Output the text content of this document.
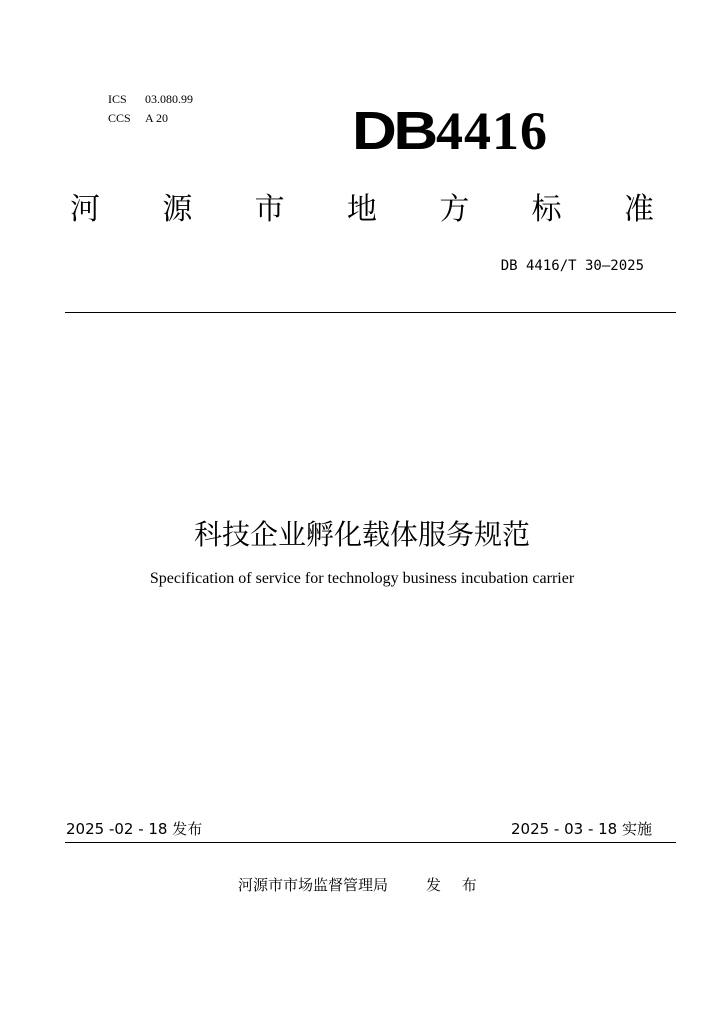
ICS 03.080.99
CCS A 20	DB4416
河 源 市 地 方 标 准
DB 4416/T 30—2025
科技企业孵化载体服务规范
Specification of service for technology business incubation carrier
2025 -02 - 18 发布	2025 - 03 - 18 实施
河源市市场监督管理局	发 布
